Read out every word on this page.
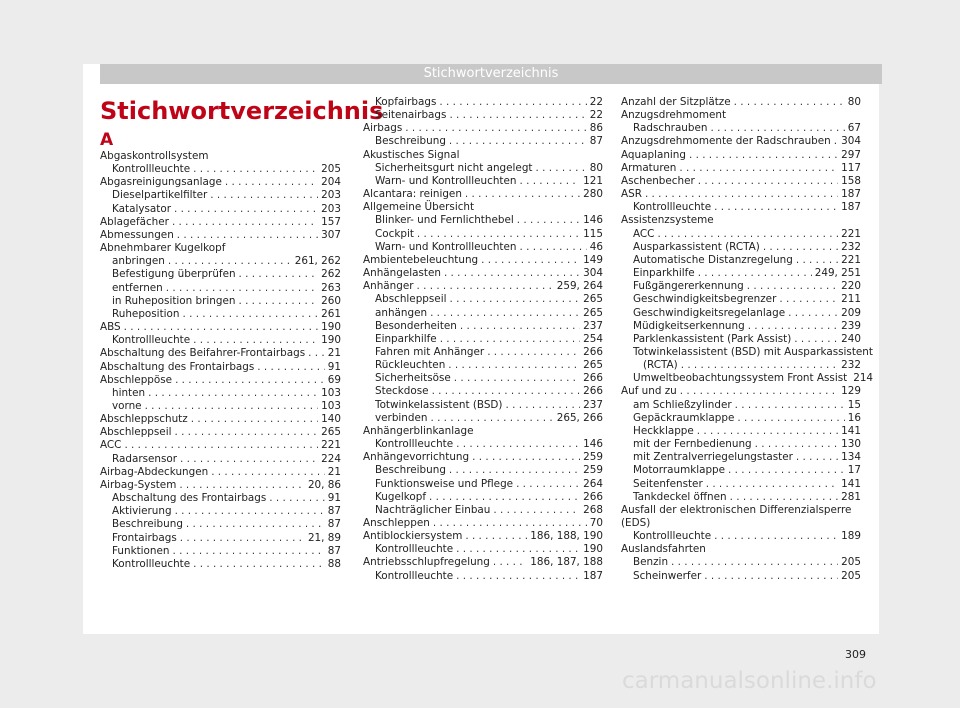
Stichwortverzeichnis
Stichwortverzeichnis
A
Abgaskontrollsystem
Kontrollleuchte . . .	205
Abgasreinigungsanlage . . .	204
Dieselpartikelfilter . . .	203
Katalysator . . .	203
Ablagefächer . . .	157
Abmessungen . . .	307
Abnehmbarer Kugelkopf
anbringen . . .	261, 262
Befestigung überprüfen . . .	262
entfernen . . .	263
in Ruheposition bringen . . .	260
Ruheposition . . .	261
ABS . . .	190
Kontrollleuchte . . .	190
Abschaltung des Beifahrer-Frontairbags . . . 21
Abschaltung des Frontairbags . . .	91
Abschleppöse . . .	69
hinten . . .	103
vorne . . .	103
Abschleppschutz . . .	140
Abschleppseil . . .	265
ACC . . .	221
Radarsensor . . .	224
Airbag-Abdeckungen . . .	21
Airbag-System . . .	20, 86
Abschaltung des Frontairbags . . .	91
Aktivierung . . .	87
Beschreibung . . .	87
Frontairbags . . .	21, 89
Funktionen . . .	87
Kontrollleuchte . . .	88
Kopfairbags . . .	22
Seitenairbags . . .	22
Airbags . . .	86
Beschreibung . . .	87
Akustisches Signal
Sicherheitsgurt nicht angelegt . . .	80
Warn- und Kontrollleuchten . . .	121
Alcantara: reinigen . . .	280
Allgemeine Übersicht
Blinker- und Fernlichthebel . . .	146
Cockpit . . .	115
Warn- und Kontrollleuchten . . .	46
Ambientebeleuchtung . . .	149
Anhängelasten . . .	304
Anhänger . . .	259, 264
Abschleppseil . . .	265
anhängen . . .	265
Besonderheiten . . .	237
Einparkhilfe . . .	254
Fahren mit Anhänger . . .	266
Rückleuchten . . .	265
Sicherheitsöse . . .	266
Steckdose . . .	266
Totwinkelassistent (BSD) . . .	237
verbinden . . .	265, 266
Anhängerblinkanlage
Kontrollleuchte . . .	146
Anhängevorrichtung . . .	259
Beschreibung . . .	259
Funktionsweise und Pflege . . .	264
Kugelkopf . . .	266
Nachträglicher Einbau . . .	268
Anschleppen . . .	70
Antiblockiersystem . . .	186, 188, 190
Kontrollleuchte . . .	190
Antriebsschlupfregelung . . .	186, 187, 188
Kontrollleuchte . . .	187
Anzahl der Sitzplätze . . .	80
Anzugsdrehmoment
Radschrauben . . .	67
Anzugsdrehmomente der Radschrauben . . . 304
Aquaplaning . . .	297
Armaturen . . .	117
Aschenbecher . . .	158
ASR . . .	187
Kontrollleuchte . . .	187
Assistenzsysteme
ACC . . .	221
Ausparkassistent (RCTA) . . .	232
Automatische Distanzregelung . . .	221
Einparkhilfe . . .	249, 251
Fußgängererkennung . . .	220
Geschwindigkeitsbegrenzer . . .	211
Geschwindigkeitsregelanlage . . .	209
Müdigkeitserkennung . . .	239
Parklenkassistent (Park Assist) . . .	240
Totwinkelassistent (BSD) mit Ausparkassistent
(RCTA) . . .	232
Umweltbeobachtungssystem Front Assist 214
Auf und zu . . .	129
am Schließzylinder . . .	15
Gepäckraumklappe . . .	16
Heckklappe . . .	141
mit der Fernbedienung . . .	130
mit Zentralverriegelungstaster . . .	134
Motorraumklappe . . .	17
Seitenfenster . . .	141
Tankdeckel öffnen . . .	281
Ausfall der elektronischen Differenzialsperre
(EDS)
Kontrollleuchte . . .	189
Auslandsfahrten
Benzin . . .	205
Scheinwerfer . . .	205
309
carmanualsonline.info
